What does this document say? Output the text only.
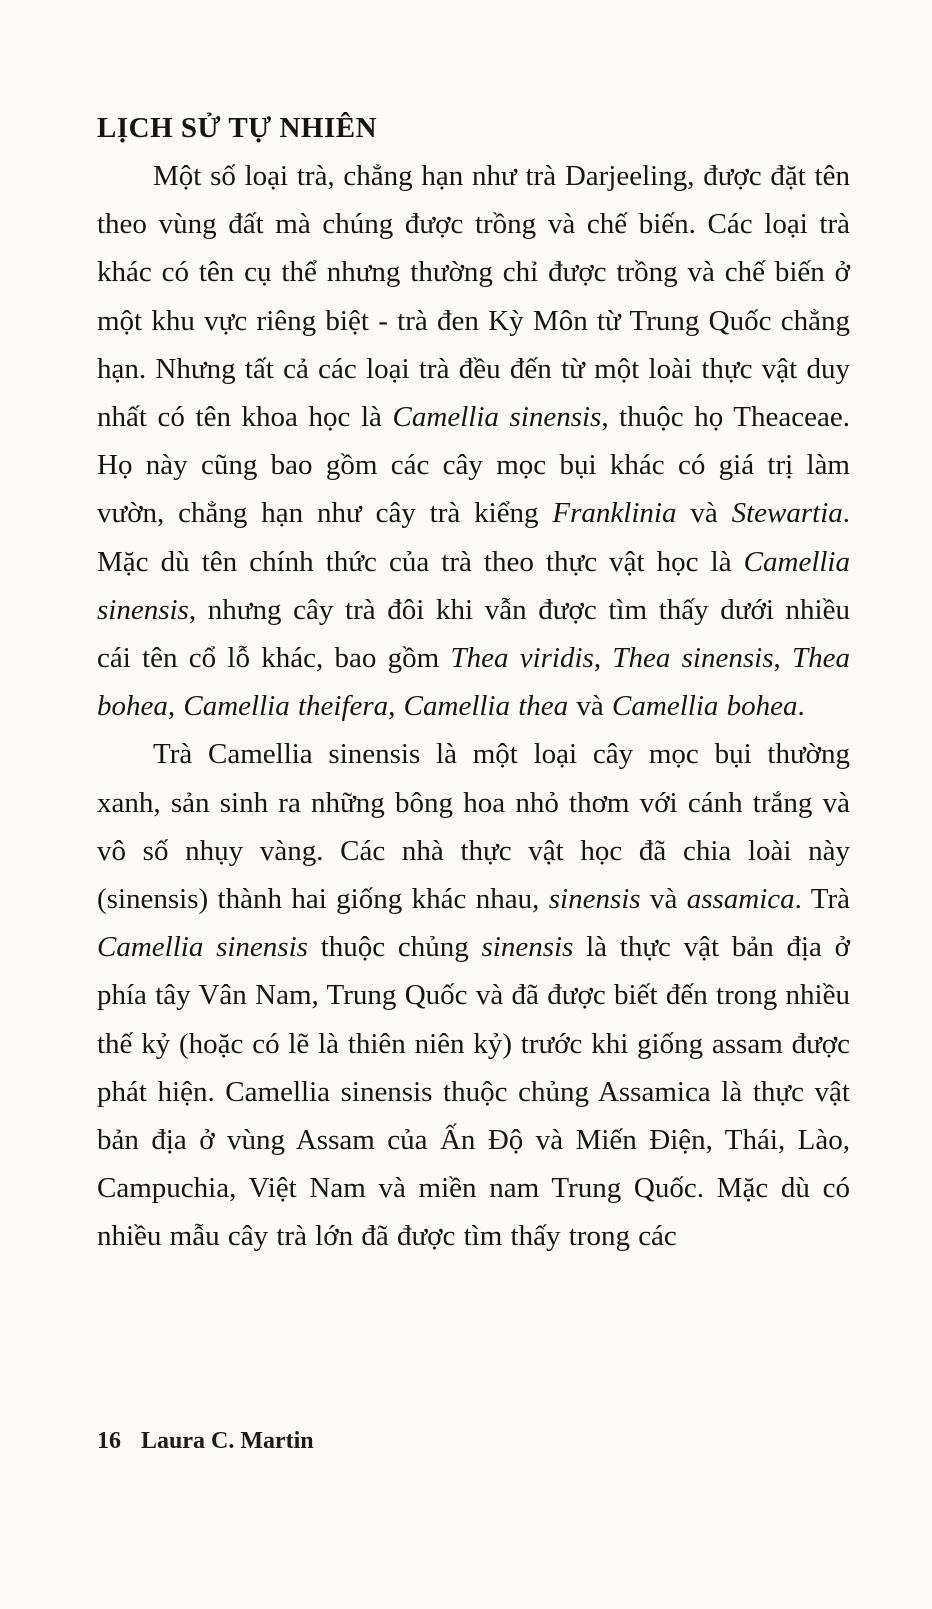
LỊCH SỬ TỰ NHIÊN

Một số loại trà, chẳng hạn như trà Darjeeling, được đặt tên theo vùng đất mà chúng được trồng và chế biến. Các loại trà khác có tên cụ thể nhưng thường chỉ được trồng và chế biến ở một khu vực riêng biệt - trà đen Kỳ Môn từ Trung Quốc chẳng hạn. Nhưng tất cả các loại trà đều đến từ một loài thực vật duy nhất có tên khoa học là Camellia sinensis, thuộc họ Theaceae. Họ này cũng bao gồm các cây mọc bụi khác có giá trị làm vườn, chẳng hạn như cây trà kiểng Franklinia và Stewartia. Mặc dù tên chính thức của trà theo thực vật học là Camellia sinensis, nhưng cây trà đôi khi vẫn được tìm thấy dưới nhiều cái tên cổ lỗ khác, bao gồm Thea viridis, Thea sinensis, Thea bohea, Camellia theifera, Camellia thea và Camellia bohea.

Trà Camellia sinensis là một loại cây mọc bụi thường xanh, sản sinh ra những bông hoa nhỏ thơm với cánh trắng và vô số nhụy vàng. Các nhà thực vật học đã chia loài này (sinensis) thành hai giống khác nhau, sinensis và assamica. Trà Camellia sinensis thuộc chủng sinensis là thực vật bản địa ở phía tây Vân Nam, Trung Quốc và đã được biết đến trong nhiều thế kỷ (hoặc có lẽ là thiên niên kỷ) trước khi giống assam được phát hiện. Camellia sinensis thuộc chủng Assamica là thực vật bản địa ở vùng Assam của Ấn Độ và Miến Điện, Thái, Lào, Campuchia, Việt Nam và miền nam Trung Quốc. Mặc dù có nhiều mẫu cây trà lớn đã được tìm thấy trong các

16 Laura C. Martin
